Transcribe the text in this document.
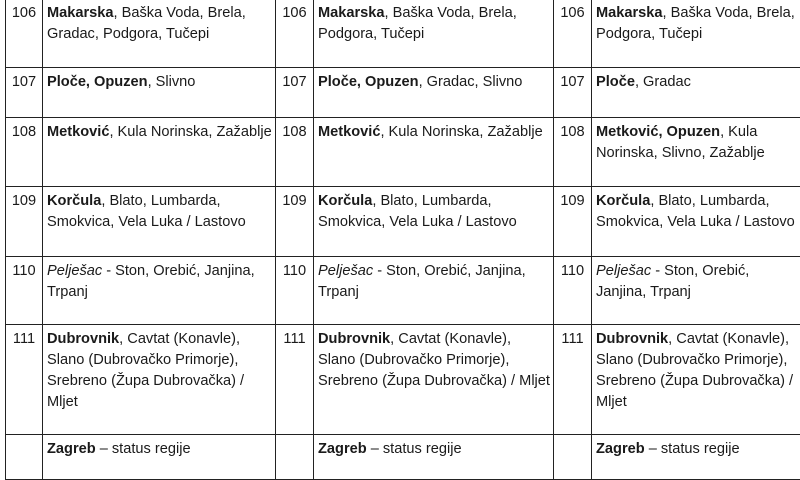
106	Makarska, Baška Voda, Brela, Gradac, Podgora, Tučepi	106	Makarska, Baška Voda, Brela, Podgora, Tučepi	106	Makarska, Baška Voda, Brela, Podgora, Tučepi
107	Ploče, Opuzen, Slivno	107	Ploče, Opuzen, Gradac, Slivno	107	Ploče, Gradac
108	Metković, Kula Norinska, Zažablje	108	Metković, Kula Norinska, Zažablje	108	Metković, Opuzen, Kula Norinska, Slivno, Zažablje
109	Korčula, Blato, Lumbarda, Smokvica, Vela Luka / Lastovo	109	Korčula, Blato, Lumbarda, Smokvica, Vela Luka / Lastovo	109	Korčula, Blato, Lumbarda, Smokvica, Vela Luka / Lastovo
110	Pelješac - Ston, Orebić, Janjina, Trpanj	110	Pelješac - Ston, Orebić, Janjina, Trpanj	110	Pelješac - Ston, Orebić, Janjina, Trpanj
111	Dubrovnik, Cavtat (Konavle), Slano (Dubrovačko Primorje), Srebreno (Župa Dubrovačka) / Mljet	111	Dubrovnik, Cavtat (Konavle), Slano (Dubrovačko Primorje), Srebreno (Župa Dubrovačka) / Mljet	111	Dubrovnik, Cavtat (Konavle), Slano (Dubrovačko Primorje), Srebreno (Župa Dubrovačka) / Mljet
	Zagreb – status regije		Zagreb – status regije		Zagreb – status regije
